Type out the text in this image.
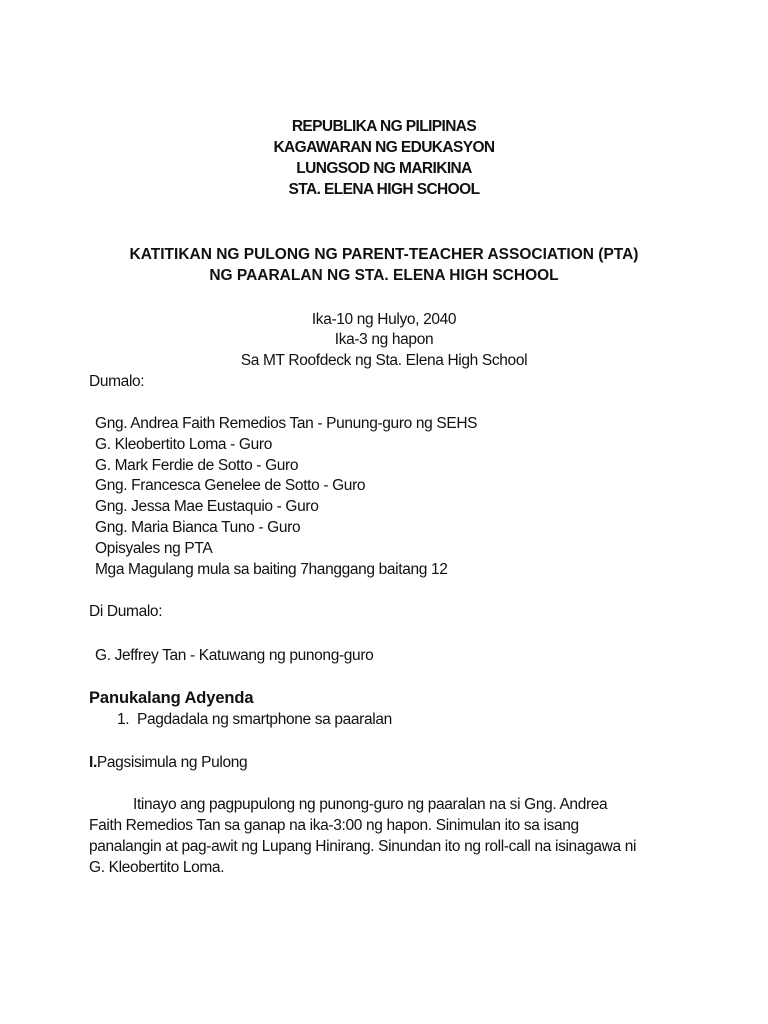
REPUBLIKA NG PILIPINAS
KAGAWARAN NG EDUKASYON
LUNGSOD NG MARIKINA
STA. ELENA HIGH SCHOOL
KATITIKAN NG PULONG NG PARENT-TEACHER ASSOCIATION (PTA)
NG PAARALAN NG STA. ELENA HIGH SCHOOL
Ika-10 ng Hulyo, 2040
Ika-3 ng hapon
Sa MT Roofdeck ng Sta. Elena High School
Dumalo:
Gng. Andrea Faith Remedios Tan - Punung-guro ng SEHS
G. Kleobertito Loma - Guro
G. Mark Ferdie de Sotto - Guro
Gng. Francesca Genelee de Sotto - Guro
Gng. Jessa Mae Eustaquio - Guro
Gng. Maria Bianca Tuno - Guro
Opisyales ng PTA
Mga Magulang mula sa baiting 7hanggang baitang 12
Di Dumalo:
G. Jeffrey Tan - Katuwang ng punong-guro
Panukalang Adyenda
1. Pagdadala ng smartphone sa paaralan
I.Pagsisimula ng Pulong
Itinayo ang pagpupulong ng punong-guro ng paaralan na si Gng. Andrea
Faith Remedios Tan sa ganap na ika-3:00 ng hapon. Sinimulan ito sa isang
panalangin at pag-awit ng Lupang Hinirang. Sinundan ito ng roll-call na isinagawa ni
G. Kleobertito Loma.
